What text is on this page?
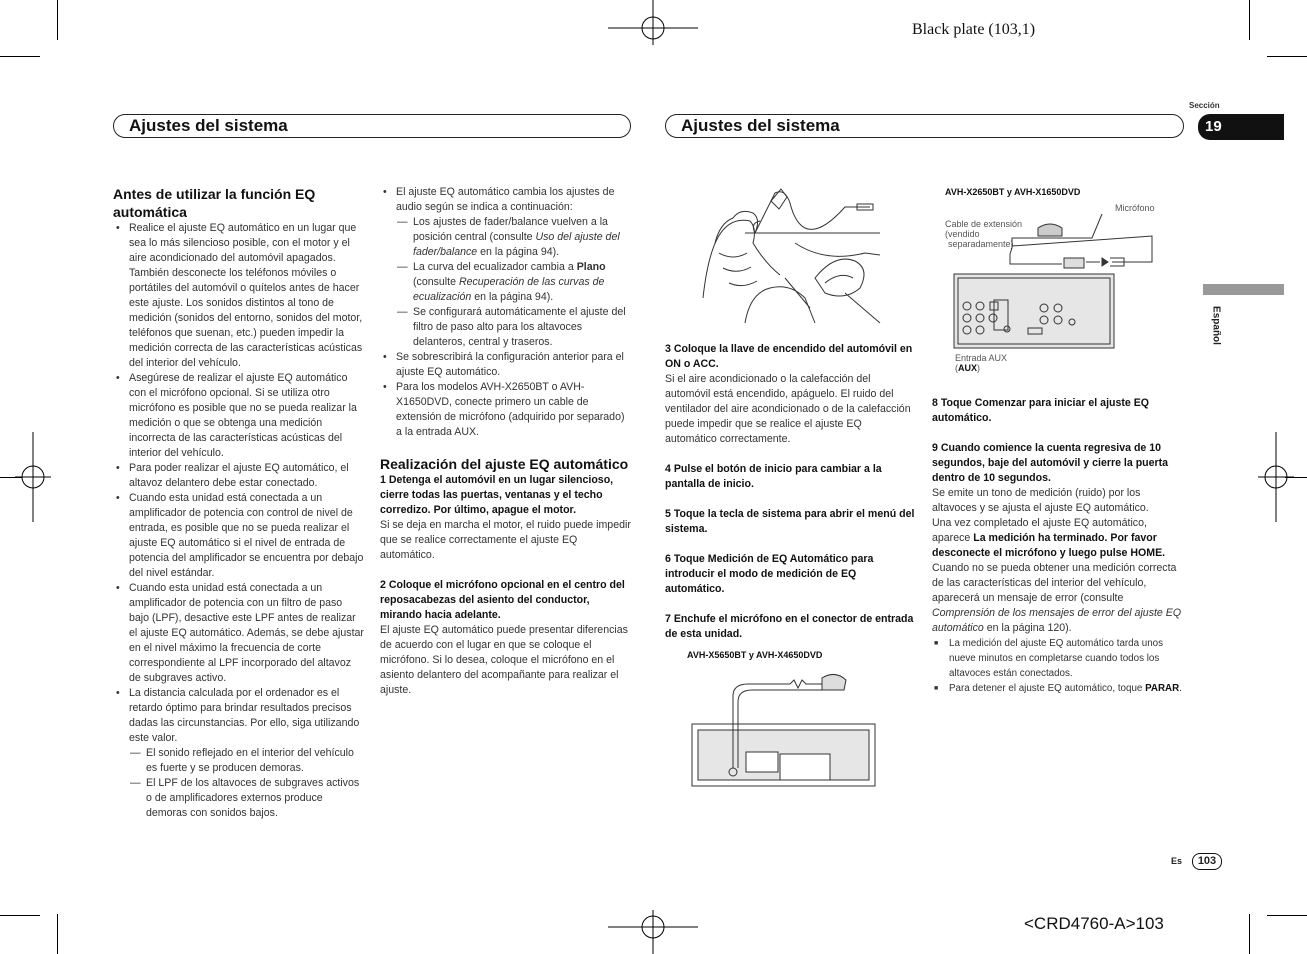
Black plate (103,1)
<CRD4760-A>103
Ajustes del sistema	Ajustes del sistema
Sección
19
Español
Es	103

Antes de utilizar la función EQ automática

• Realice el ajuste EQ automático en un lugar que sea lo más silencioso posible, con el motor y el aire acondicionado del automóvil apagados. También desconecte los teléfonos móviles o portátiles del automóvil o quítelos antes de hacer este ajuste. Los sonidos distintos al tono de medición (sonidos del entorno, sonidos del motor, teléfonos que suenan, etc.) pueden impedir la medición correcta de las características acústicas del interior del vehículo.

• Asegúrese de realizar el ajuste EQ automático con el micrófono opcional. Si se utiliza otro micrófono es posible que no se pueda realizar la medición o que se obtenga una medición incorrecta de las características acústicas del interior del vehículo.

• Para poder realizar el ajuste EQ automático, el altavoz delantero debe estar conectado.

• Cuando esta unidad está conectada a un amplificador de potencia con control de nivel de entrada, es posible que no se pueda realizar el ajuste EQ automático si el nivel de entrada de potencia del amplificador se encuentra por debajo del nivel estándar.

• Cuando esta unidad está conectada a un amplificador de potencia con un filtro de paso bajo (LPF), desactive este LPF antes de realizar el ajuste EQ automático. Además, se debe ajustar en el nivel máximo la frecuencia de corte correspondiente al LPF incorporado del altavoz de subgraves activo.

• La distancia calculada por el ordenador es el retardo óptimo para brindar resultados precisos dadas las circunstancias. Por ello, siga utilizando este valor.

— El sonido reflejado en el interior del vehículo es fuerte y se producen demoras.

— El LPF de los altavoces de subgraves activos o de amplificadores externos produce demoras con sonidos bajos.

• El ajuste EQ automático cambia los ajustes de audio según se indica a continuación:

— Los ajustes de fader/balance vuelven a la posición central (consulte Uso del ajuste del fader/balance en la página 94).

— La curva del ecualizador cambia a Plano (consulte Recuperación de las curvas de ecualización en la página 94).

— Se configurará automáticamente el ajuste del filtro de paso alto para los altavoces delanteros, central y traseros.

• Se sobrescribirá la configuración anterior para el ajuste EQ automático.

• Para los modelos AVH-X2650BT o AVH-X1650DVD, conecte primero un cable de extensión de micrófono (adquirido por separado) a la entrada AUX.

Realización del ajuste EQ automático

1 Detenga el automóvil en un lugar silencioso, cierre todas las puertas, ventanas y el techo corredizo. Por último, apague el motor.

Si se deja en marcha el motor, el ruido puede impedir que se realice correctamente el ajuste EQ automático.

2 Coloque el micrófono opcional en el centro del reposacabezas del asiento del conductor, mirando hacia adelante.

El ajuste EQ automático puede presentar diferencias de acuerdo con el lugar en que se coloque el micrófono. Si lo desea, coloque el micrófono en el asiento delantero del acompañante para realizar el ajuste.

3 Coloque la llave de encendido del automóvil en ON o ACC.

Si el aire acondicionado o la calefacción del automóvil está encendido, apáguelo. El ruido del ventilador del aire acondicionado o de la calefacción puede impedir que se realice el ajuste EQ automático correctamente.

4 Pulse el botón de inicio para cambiar a la pantalla de inicio.

5 Toque la tecla de sistema para abrir el menú del sistema.

6 Toque Medición de EQ Automático para introducir el modo de medición de EQ automático.

7 Enchufe el micrófono en el conector de entrada de esta unidad.

AVH-X5650BT y AVH-X4650DVD
AVH-X2650BT y AVH-X1650DVD
Micrófono
Cable de extensión
(vendido
separadamente)
Entrada AUX
(AUX)

8 Toque Comenzar para iniciar el ajuste EQ automático.

9 Cuando comience la cuenta regresiva de 10 segundos, baje del automóvil y cierre la puerta dentro de 10 segundos.

Se emite un tono de medición (ruido) por los altavoces y se ajusta el ajuste EQ automático.

Una vez completado el ajuste EQ automático, aparece La medición ha terminado. Por favor desconecte el micrófono y luego pulse HOME.

Cuando no se pueda obtener una medición correcta de las características del interior del vehículo, aparecerá un mensaje de error (consulte Comprensión de los mensajes de error del ajuste EQ automático en la página 120).

■ La medición del ajuste EQ automático tarda unos nueve minutos en completarse cuando todos los altavoces están conectados.

■ Para detener el ajuste EQ automático, toque PARAR.
